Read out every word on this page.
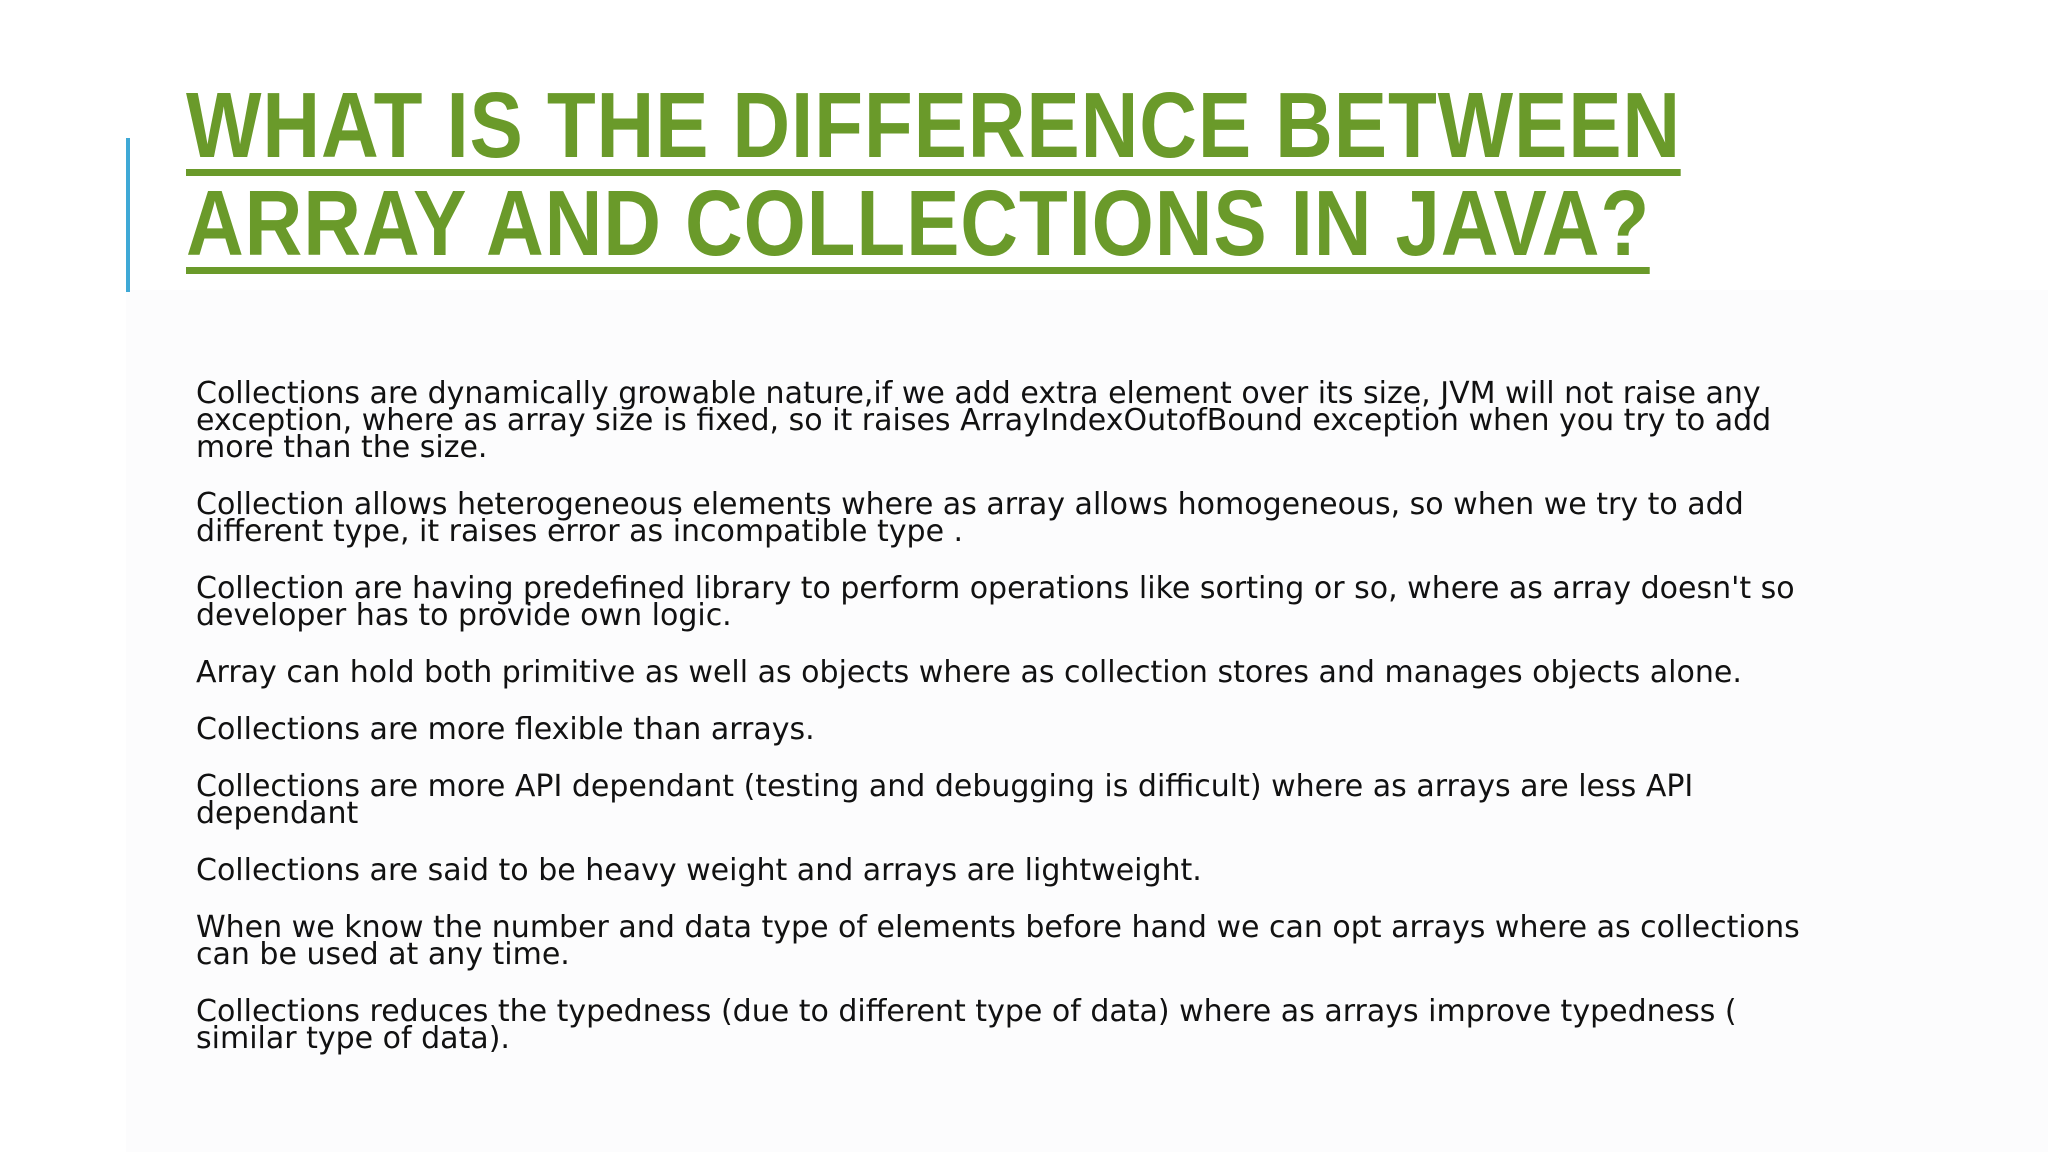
WHAT IS THE DIFFERENCE BETWEEN
ARRAY AND COLLECTIONS IN JAVA?
Collections are dynamically growable nature,if we add extra element over its size, JVM will not raise any exception, where as array size is fixed, so it raises ArrayIndexOutofBound exception when you try to add more than the size.
Collection allows heterogeneous elements where as array allows homogeneous, so when we try to add different type, it raises error as incompatible type .
Collection are having predefined library to perform operations like sorting or so, where as array doesn't so developer has to provide own logic.
Array can hold both primitive as well as objects where as collection stores and manages objects alone.
Collections are more flexible than arrays.
Collections are more API dependant (testing and debugging is difficult) where as arrays are less API dependant
Collections are said to be heavy weight and arrays are lightweight.
When we know the number and data type of elements before hand we can opt arrays where as collections can be used at any time.
Collections reduces the typedness (due to different type of data) where as arrays improve typedness ( similar type of data).
